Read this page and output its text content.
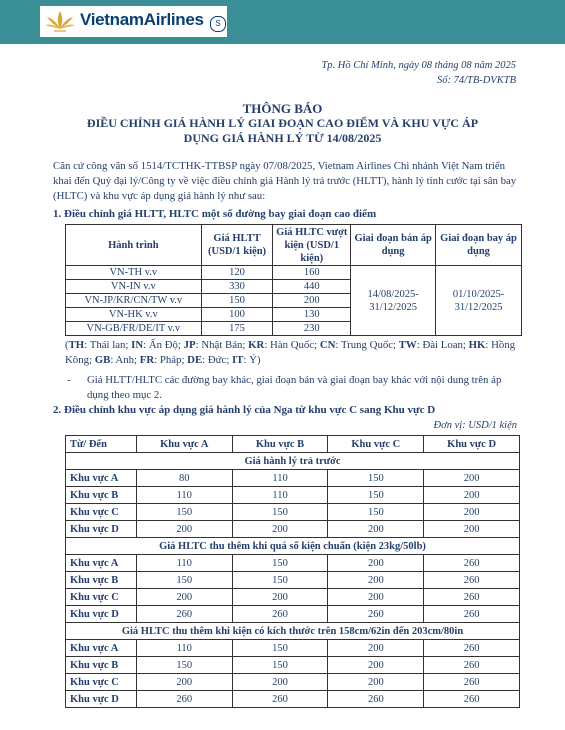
VietnamAirlines	S
Tp. Hồ Chí Minh, ngày 08 tháng 08 năm 2025
Số: 74/TB-DVKTB
THÔNG BÁO
ĐIỀU CHỈNH GIÁ HÀNH LÝ GIAI ĐOẠN CAO ĐIỂM VÀ KHU VỰC ÁP
DỤNG GIÁ HÀNH LÝ TỪ 14/08/2025
Căn cứ công văn số 1514/TCTHK-TTBSP ngày 07/08/2025, Vietnam Airlines Chi nhánh Việt Nam triển khai đến Quý đại lý/Công ty về việc điều chỉnh giá Hành lý trả trước (HLTT), hành lý tính cước tại sân bay (HLTC) và khu vực áp dụng giá hành lý như sau:
1. Điều chỉnh giá HLTT, HLTC một số đường bay giai đoạn cao điểm
Hành trình	Giá HLTT (USD/1 kiện)	Giá HLTC vượt kiện (USD/1 kiện)	Giai đoạn bán áp dụng	Giai đoạn bay áp dụng
VN-TH v.v	120	160	14/08/2025-31/12/2025	01/10/2025-31/12/2025
VN-IN v.v	330	440		
VN-JP/KR/CN/TW v.v	150	200		
VN-HK v.v	100	130		
VN-GB/FR/DE/IT v.v	175	230		
(TH: Thái lan; IN: Ấn Độ; JP: Nhật Bản; KR: Hàn Quốc; CN: Trung Quốc; TW: Đài Loan; HK: Hồng Kông; GB: Anh; FR: Pháp; DE: Đức; IT: Ý)
- Giá HLTT/HLTC các đường bay khác, giai đoạn bán và giai đoạn bay khác với nội dung trên áp dụng theo mục 2.
2. Điều chỉnh khu vực áp dụng giá hành lý của Nga từ khu vực C sang Khu vực D
Đơn vị: USD/1 kiện
Từ/ Đến	Khu vực A	Khu vực B	Khu vực C	Khu vực D
Giá hành lý trả trước				
Khu vực A	80	110	150	200
Khu vực B	110	110	150	200
Khu vực C	150	150	150	200
Khu vực D	200	200	200	200
Giá HLTC thu thêm khi quá số kiện chuẩn (kiện 23kg/50lb)				
Khu vực A	110	150	200	260
Khu vực B	150	150	200	260
Khu vực C	200	200	200	260
Khu vực D	260	260	260	260
Giá HLTC thu thêm khi kiện có kích thước trên 158cm/62in đến 203cm/80in				
Khu vực A	110	150	200	260
Khu vực B	150	150	200	260
Khu vực C	200	200	200	260
Khu vực D	260	260	260	260
